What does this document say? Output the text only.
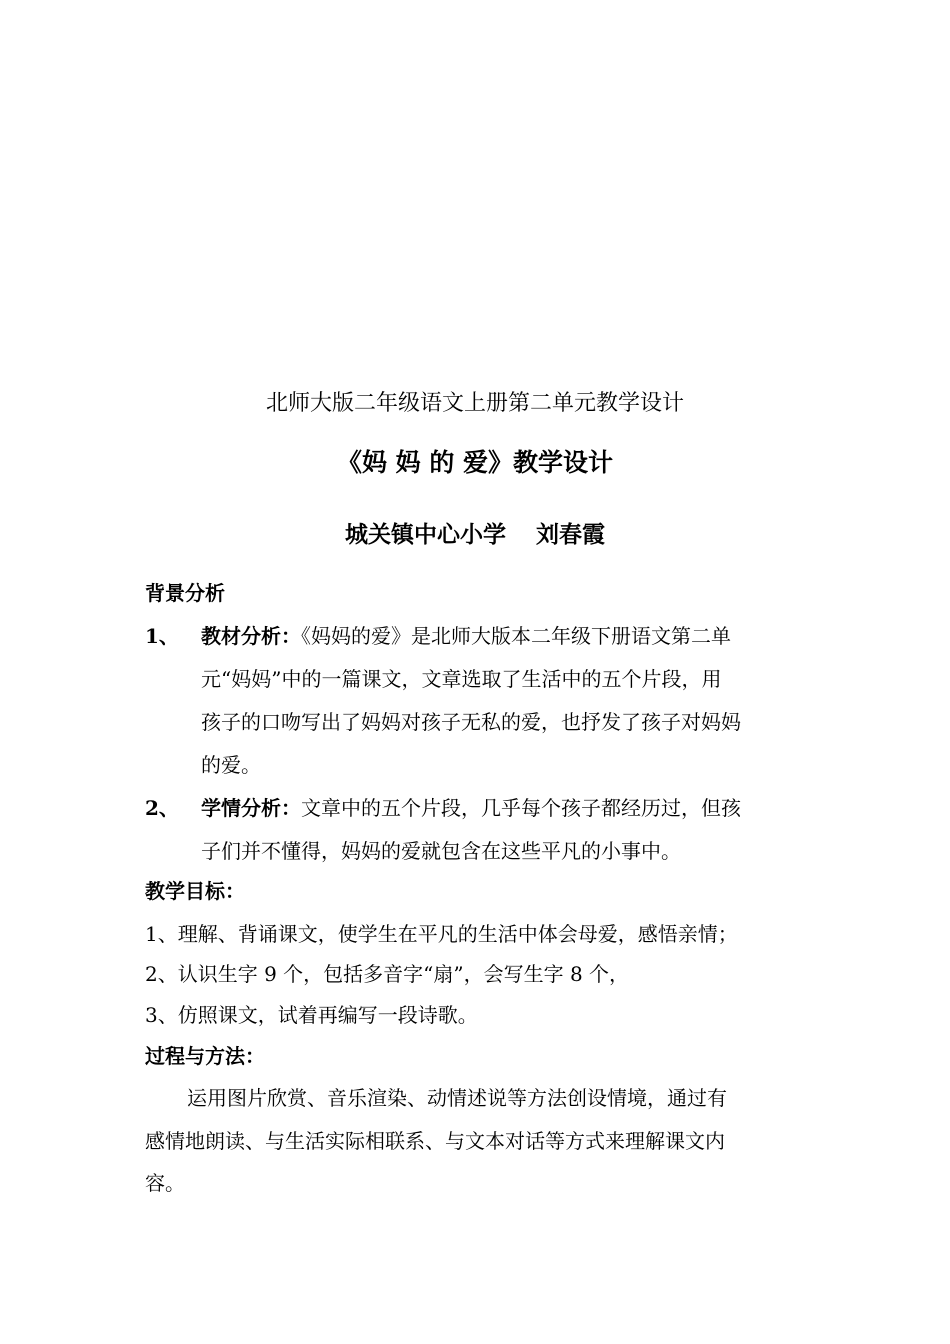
北师大版二年级语文上册第二单元教学设计
《妈 妈 的 爱》教学设计
城关镇中心小学 刘春霞
背景分析
1、 教材分析：《妈妈的爱》是北师大版本二年级下册语文第二单
元“妈妈”中的一篇课文，文章选取了生活中的五个片段，用
孩子的口吻写出了妈妈对孩子无私的爱，也抒发了孩子对妈妈
的爱。
2、 学情分析：文章中的五个片段，几乎每个孩子都经历过，但孩
子们并不懂得，妈妈的爱就包含在这些平凡的小事中。
教学目标：
1、理解、背诵课文，使学生在平凡的生活中体会母爱，感悟亲情；
2、认识生字 9 个，包括多音字“扇”，会写生字 8 个，
3、仿照课文，试着再编写一段诗歌。
过程与方法：
运用图片欣赏、音乐渲染、动情述说等方法创设情境，通过有
感情地朗读、与生活实际相联系、与文本对话等方式来理解课文内
容。
